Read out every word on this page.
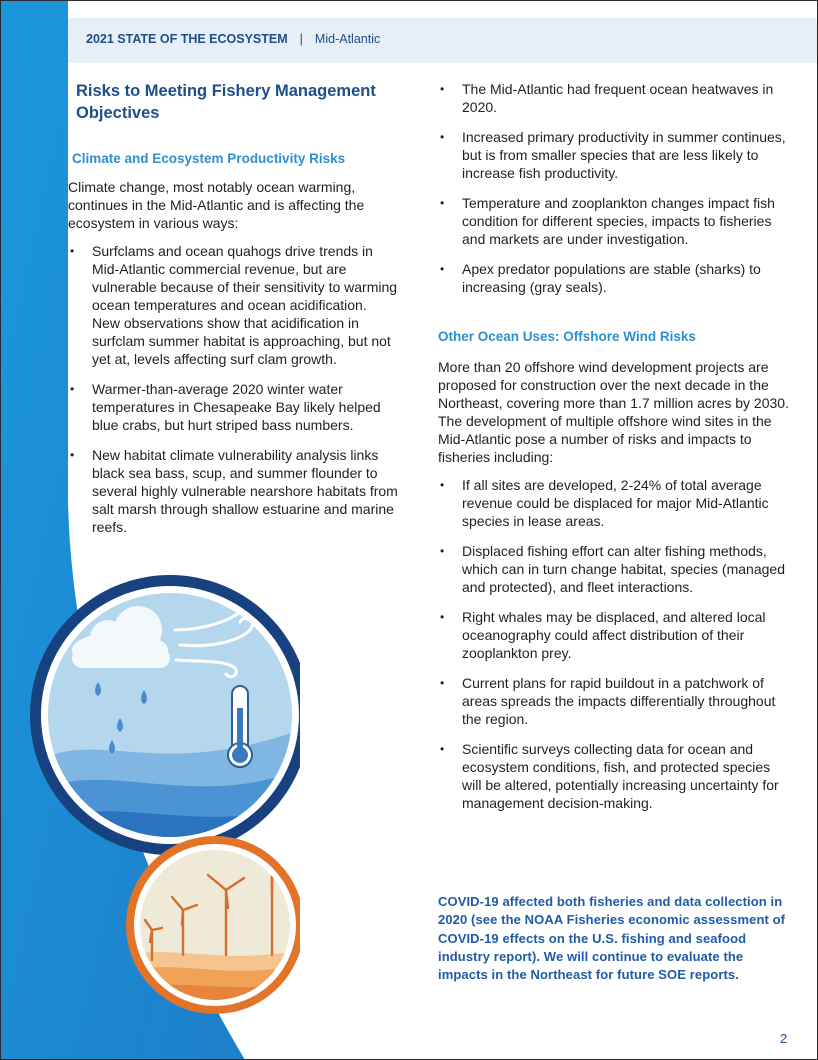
2021 STATE OF THE ECOSYSTEM | Mid-Atlantic
Risks to Meeting Fishery Management Objectives
Climate and Ecosystem Productivity Risks

Climate change, most notably ocean warming, continues in the Mid-Atlantic and is affecting the ecosystem in various ways:

• Surfclams and ocean quahogs drive trends in Mid-Atlantic commercial revenue, but are vulnerable because of their sensitivity to warming ocean temperatures and ocean acidification. New observations show that acidification in surfclam summer habitat is approaching, but not yet at, levels affecting surf clam growth.
• Warmer-than-average 2020 winter water temperatures in Chesapeake Bay likely helped blue crabs, but hurt striped bass numbers.
• New habitat climate vulnerability analysis links black sea bass, scup, and summer flounder to several highly vulnerable nearshore habitats from salt marsh through shallow estuarine and marine reefs.
• The Mid-Atlantic had frequent ocean heatwaves in 2020.
• Increased primary productivity in summer continues, but is from smaller species that are less likely to increase fish productivity.
• Temperature and zooplankton changes impact fish condition for different species, impacts to fisheries and markets are under investigation.
• Apex predator populations are stable (sharks) to increasing (gray seals).
Other Ocean Uses: Offshore Wind Risks

More than 20 offshore wind development projects are proposed for construction over the next decade in the Northeast, covering more than 1.7 million acres by 2030. The development of multiple offshore wind sites in the Mid-Atlantic pose a number of risks and impacts to fisheries including:

• If all sites are developed, 2-24% of total average revenue could be displaced for major Mid-Atlantic species in lease areas.
• Displaced fishing effort can alter fishing methods, which can in turn change habitat, species (managed and protected), and fleet interactions.
• Right whales may be displaced, and altered local oceanography could affect distribution of their zooplankton prey.
• Current plans for rapid buildout in a patchwork of areas spreads the impacts differentially throughout the region.
• Scientific surveys collecting data for ocean and ecosystem conditions, fish, and protected species will be altered, potentially increasing uncertainty for management decision-making.

COVID-19 affected both fisheries and data collection in 2020 (see the NOAA Fisheries economic assessment of COVID-19 effects on the U.S. fishing and seafood industry report). We will continue to evaluate the impacts in the Northeast for future SOE reports.

2
